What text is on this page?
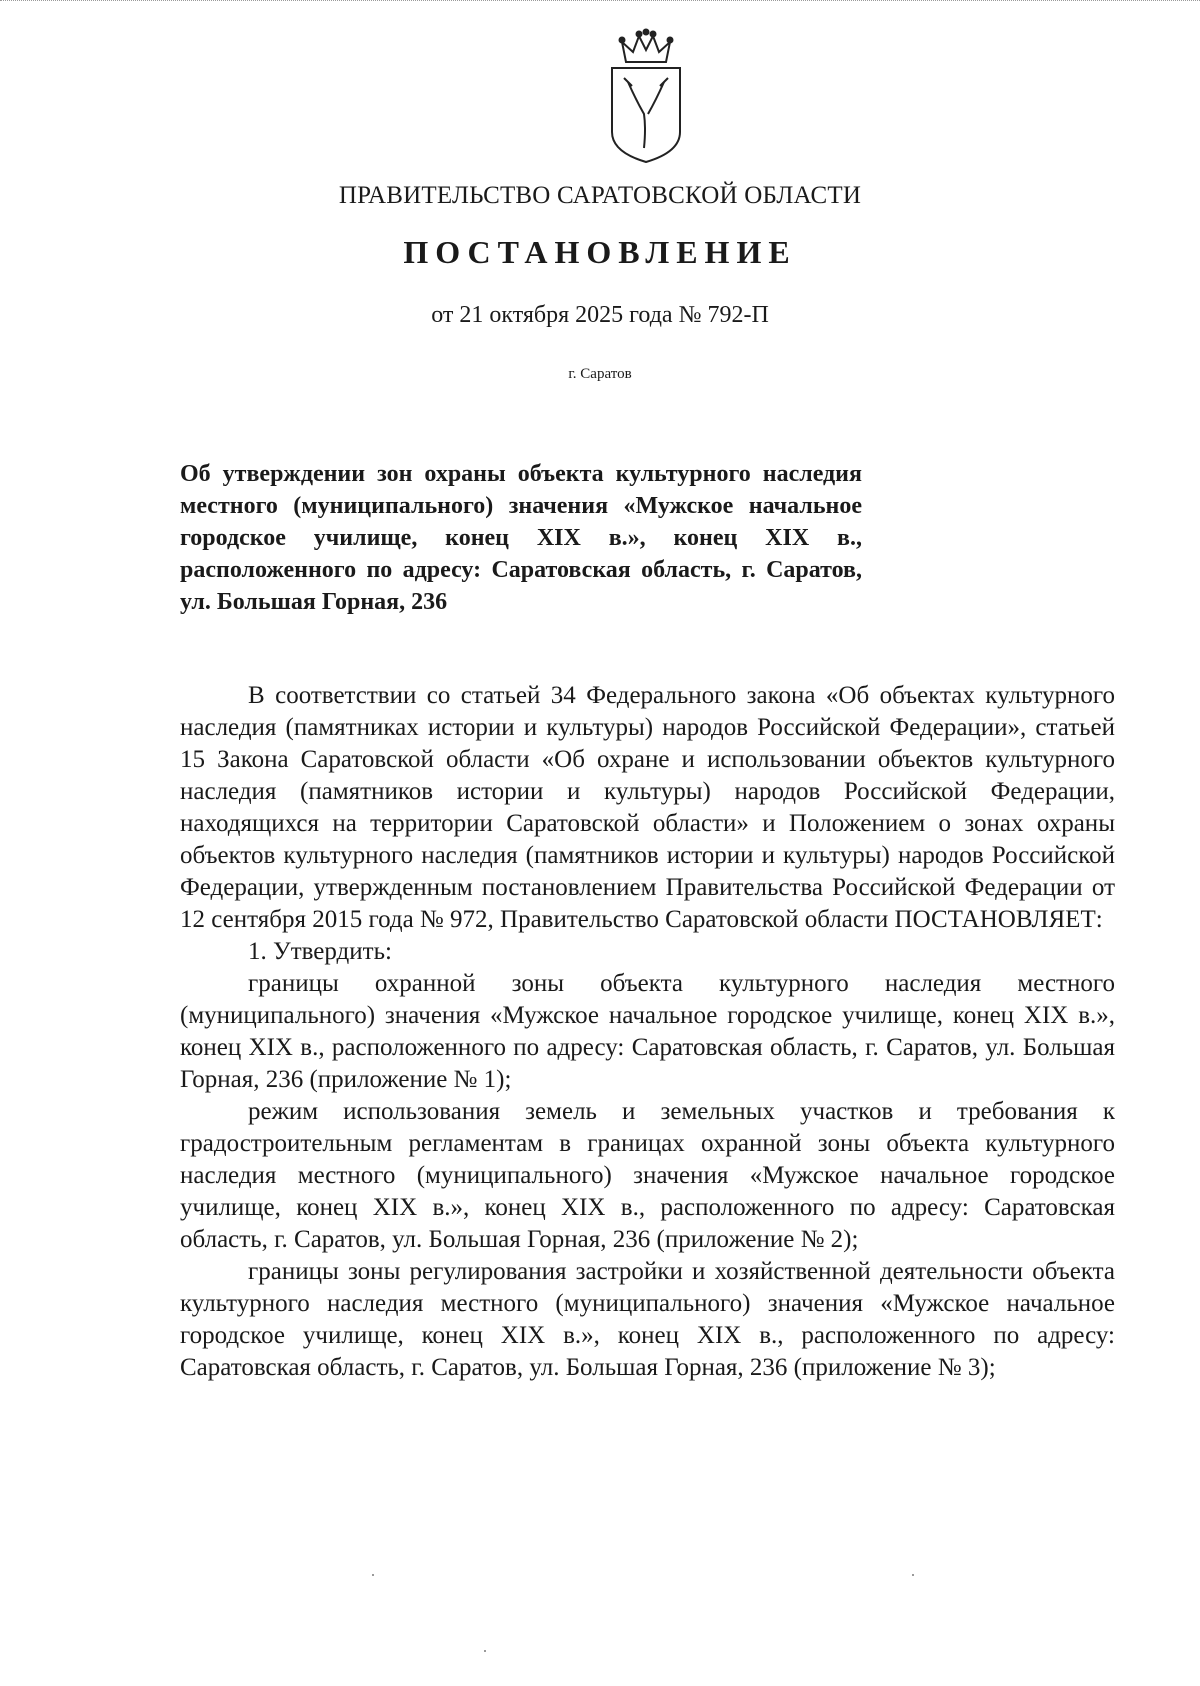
ПРАВИТЕЛЬСТВО САРАТОВСКОЙ ОБЛАСТИ
ПОСТАНОВЛЕНИЕ
от 21 октября 2025 года № 792-П
г. Саратов

Об утверждении зон охраны объекта культурного наследия местного (муниципального) значения «Мужское начальное городское училище, конец XIX в.», конец XIX в., расположенного по адресу: Саратовская область, г. Саратов, ул. Большая Горная, 236

В соответствии со статьей 34 Федерального закона «Об объектах культурного наследия (памятниках истории и культуры) народов Российской Федерации», статьей 15 Закона Саратовской области «Об охране и использовании объектов культурного наследия (памятников истории и культуры) народов Российской Федерации, находящихся на территории Саратовской области» и Положением о зонах охраны объектов культурного наследия (памятников истории и культуры) народов Российской Федерации, утвержденным постановлением Правительства Российской Федерации от 12 сентября 2015 года № 972, Правительство Саратовской области ПОСТАНОВЛЯЕТ:

1. Утвердить:

границы охранной зоны объекта культурного наследия местного (муниципального) значения «Мужское начальное городское училище, конец XIX в.», конец XIX в., расположенного по адресу: Саратовская область, г. Саратов, ул. Большая Горная, 236 (приложение № 1);

режим использования земель и земельных участков и требования к градостроительным регламентам в границах охранной зоны объекта культурного наследия местного (муниципального) значения «Мужское начальное городское училище, конец XIX в.», конец XIX в., расположенного по адресу: Саратовская область, г. Саратов, ул. Большая Горная, 236 (приложение № 2);

границы зоны регулирования застройки и хозяйственной деятельности объекта культурного наследия местного (муниципального) значения «Мужское начальное городское училище, конец XIX в.», конец XIX в., расположенного по адресу: Саратовская область, г. Саратов, ул. Большая Горная, 236 (приложение № 3);
